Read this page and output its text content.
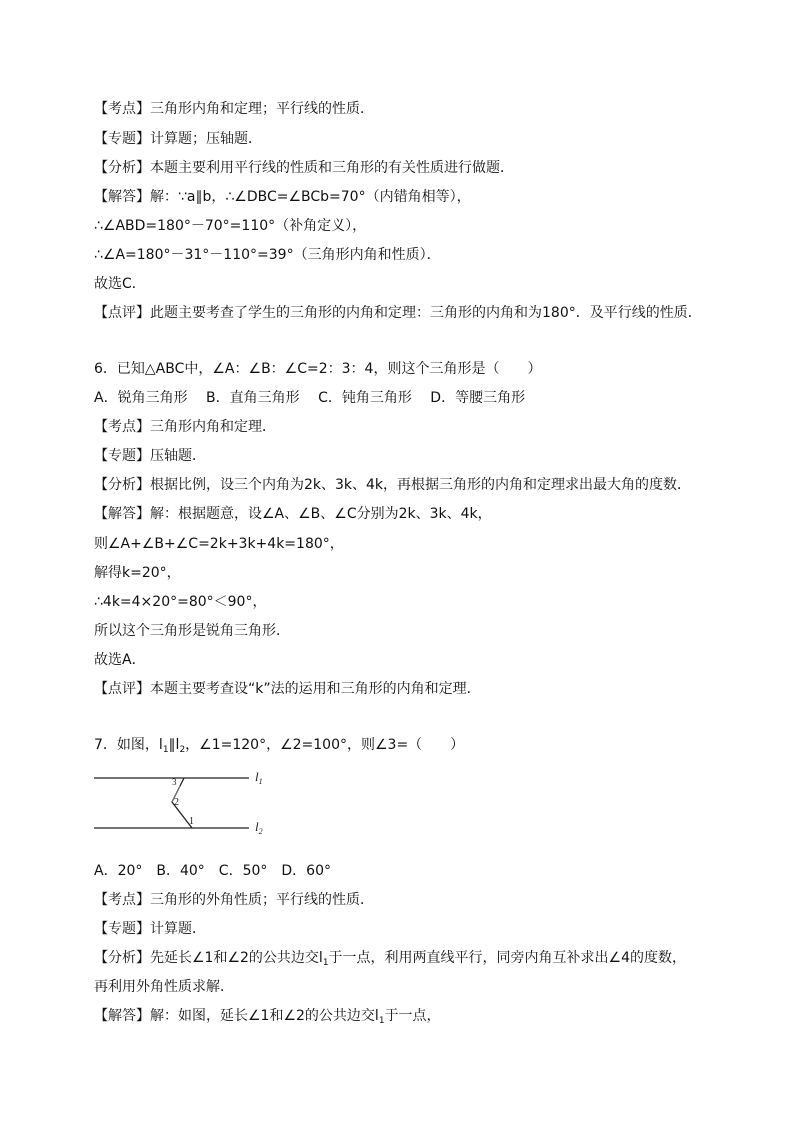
【考点】三角形内角和定理；平行线的性质．
【专题】计算题；压轴题．
【分析】本题主要利用平行线的性质和三角形的有关性质进行做题．
【解答】解：∵a∥b，∴∠DBC=∠BCb=70°（内错角相等），
∴∠ABD=180°－70°=110°（补角定义），
∴∠A=180°－31°－110°=39°（三角形内角和性质）．
故选C．
【点评】此题主要考查了学生的三角形的内角和定理：三角形的内角和为180°．及平行线的性质．
6．已知△ABC中，∠A：∠B：∠C=2：3：4，则这个三角形是（　　）
A．锐角三角形　 B．直角三角形　 C．钝角三角形　 D．等腰三角形
【考点】三角形内角和定理．
【专题】压轴题．
【分析】根据比例，设三个内角为2k、3k、4k，再根据三角形的内角和定理求出最大角的度数．
【解答】解：根据题意，设∠A、∠B、∠C分别为2k、3k、4k，
则∠A+∠B+∠C=2k+3k+4k=180°，
解得k=20°，
∴4k=4×20°=80°＜90°，
所以这个三角形是锐角三角形．
故选A．
【点评】本题主要考查设“k”法的运用和三角形的内角和定理．
7．如图，$l_1\parallel l_2$，∠1=120°，∠2=100°，则∠3=（　　）
3
2
1
$l_1$
$l_2$
A．20°　B．40°　C．50°　D．60°
【考点】三角形的外角性质；平行线的性质．
【专题】计算题．
【分析】先延长∠1和∠2的公共边交$l_1$于一点，利用两直线平行，同旁内角互补求出∠4的度数，
再利用外角性质求解．
【解答】解：如图，延长∠1和∠2的公共边交$l_1$于一点，
